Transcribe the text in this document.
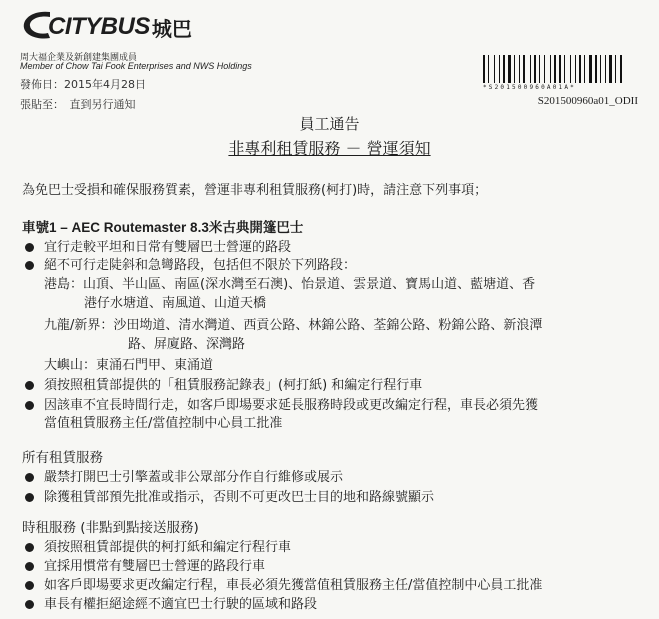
CITYBUS 城巴
周大福企業及新創建集團成員
Member of Chow Tai Fook Enterprises and NWS Holdings
發佈日：2015年4月28日
張貼至：　直到另行通知
*S201500960A01A*
S201500960a01_ODII
員工通告
非專利租賃服務 － 營運須知
為免巴士受損和確保服務質素，營運非專利租賃服務(柯打)時，請注意下列事項；
車號1 – AEC Routemaster 8.3米古典開篷巴士
宜行走較平坦和日常有雙層巴士營運的路段
絕不可行走陡斜和急彎路段，包括但不限於下列路段：
港島：山頂、半山區、南區(深水灣至石澳)、怡景道、雲景道、寶馬山道、藍塘道、香
港仔水塘道、南風道、山道天橋
九龍/新界：沙田坳道、清水灣道、西貢公路、林錦公路、荃錦公路、粉錦公路、新浪潭
路、屏廈路、深灣路
大嶼山：東涌石門甲、東涌道
須按照租賃部提供的「租賃服務記錄表」(柯打紙) 和編定行程行車
因該車不宜長時間行走，如客戶即場要求延長服務時段或更改編定行程，車長必須先獲
當值租賃服務主任/當值控制中心員工批准
所有租賃服務
嚴禁打開巴士引擎蓋或非公眾部分作自行維修或展示
除獲租賃部預先批准或指示，否則不可更改巴士目的地和路線號顯示
時租服務 (非點到點接送服務)
須按照租賃部提供的柯打紙和編定行程行車
宜採用慣常有雙層巴士營運的路段行車
如客戶即場要求更改編定行程，車長必須先獲當值租賃服務主任/當值控制中心員工批准
車長有權拒絕途經不適宜巴士行駛的區域和路段
